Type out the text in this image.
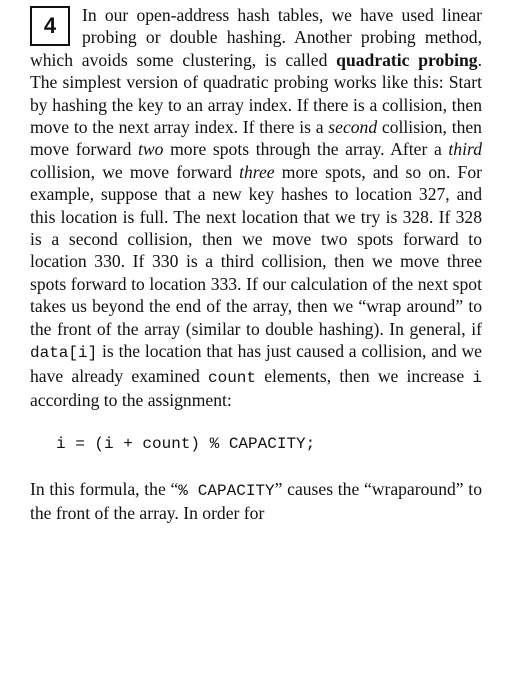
4	In our open-address hash tables, we have used linear probing or double hashing. Another probing method, which avoids some clustering, is called quadratic probing. The simplest version of quadratic probing works like this: Start by hashing the key to an array index. If there is a collision, then move to the next array index. If there is a second collision, then move forward two more spots through the array. After a third collision, we move forward three more spots, and so on. For example, suppose that a new key hashes to location 327, and this location is full. The next location that we try is 328. If 328 is a second collision, then we move two spots forward to location 330. If 330 is a third collision, then we move three spots forward to location 333. If our calculation of the next spot takes us beyond the end of the array, then we “wrap around” to the front of the array (similar to double hashing). In general, if data[i] is the location that has just caused a collision, and we have already examined count elements, then we increase i according to the assignment:

i = (i + count) % CAPACITY;

In this formula, the “% CAPACITY” causes the “wraparound” to the front of the array. In order for
